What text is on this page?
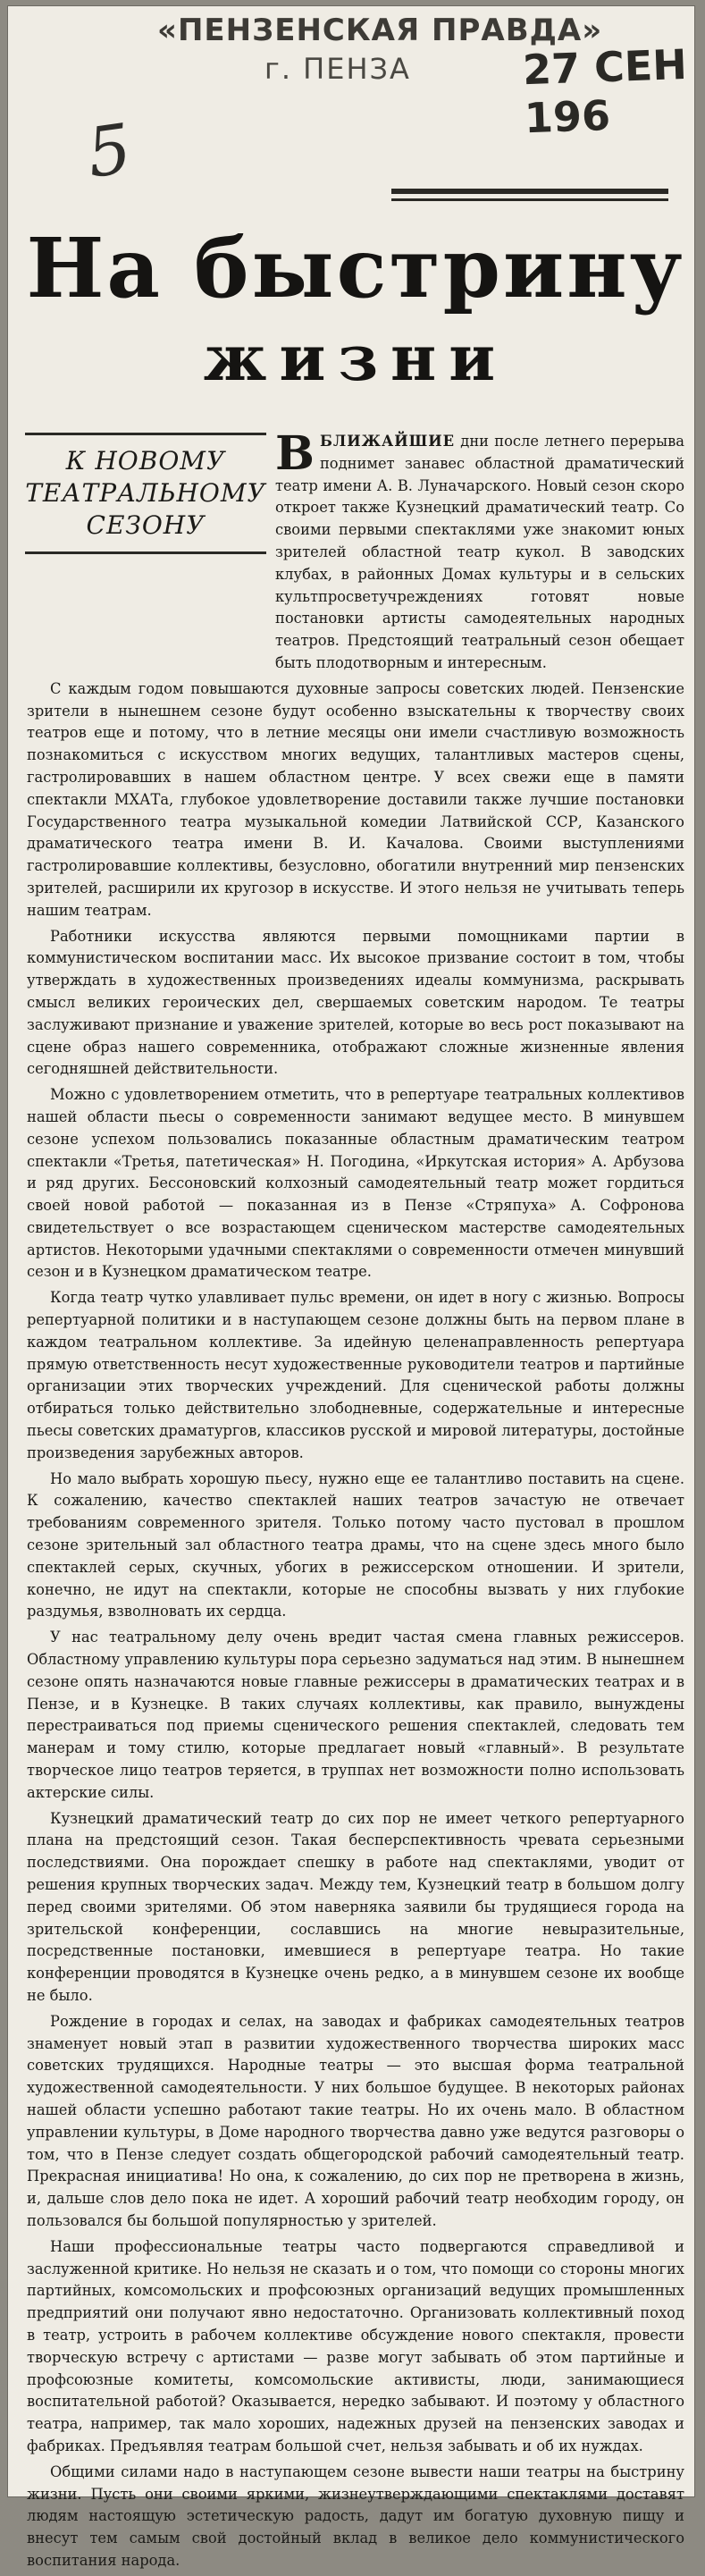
«ПЕНЗЕНСКАЯ ПРАВДА»
г. ПЕНЗА	27 СЕН 196
5
На быстрину
жизни
К НОВОМУ ТЕАТРАЛЬНОМУ СЕЗОНУ

ВБЛИЖАЙШИЕ дни после летнего перерыва поднимет занавес областной драматический театр имени А. В. Луначарского. Новый сезон скоро откроет также Кузнецкий драматический театр. Со своими первыми спектаклями уже знакомит юных зрителей областной театр кукол. В заводских клубах, в районных Домах культуры и в сельских культпросветучреждениях готовят новые постановки артисты самодеятельных народных театров. Предстоящий театральный сезон обещает быть плодотворным и интересным.

С каждым годом повышаются духовные запросы советских людей. Пензенские зрители в нынешнем сезоне будут особенно взыскательны к творчеству своих театров еще и потому, что в летние месяцы они имели счастливую возможность познакомиться с искусством многих ведущих, талантливых мастеров сцены, гастролировавших в нашем областном центре. У всех свежи еще в памяти спектакли МХАТа, глубокое удовлетворение доставили также лучшие постановки Государственного театра музыкальной комедии Латвийской ССР, Казанского драматического театра имени В. И. Качалова. Своими выступлениями гастролировавшие коллективы, безусловно, обогатили внутренний мир пензенских зрителей, расширили их кругозор в искусстве. И этого нельзя не учитывать теперь нашим театрам.

Работники искусства являются первыми помощниками партии в коммунистическом воспитании масс. Их высокое призвание состоит в том, чтобы утверждать в художественных произведениях идеалы коммунизма, раскрывать смысл великих героических дел, свершаемых советским народом. Те театры заслуживают признание и уважение зрителей, которые во весь рост показывают на сцене образ нашего современника, отображают сложные жизненные явления сегодняшней действительности.

Можно с удовлетворением отметить, что в репертуаре театральных коллективов нашей области пьесы о современности занимают ведущее место. В минувшем сезоне успехом пользовались показанные областным драматическим театром спектакли «Третья, патетическая» Н. Погодина, «Иркутская история» А. Арбузова и ряд других. Бессоновский колхозный самодеятельный театр может гордиться своей новой работой — показанная из в Пензе «Стряпуха» А. Софронова свидетельствует о все возрастающем сценическом мастерстве самодеятельных артистов. Некоторыми удачными спектаклями о современности отмечен минувший сезон и в Кузнецком драматическом театре.

Когда театр чутко улавливает пульс времени, он идет в ногу с жизнью. Вопросы репертуарной политики и в наступающем сезоне должны быть на первом плане в каждом театральном коллективе. За идейную целенаправленность репертуара прямую ответственность несут художественные руководители театров и партийные организации этих творческих учреждений. Для сценической работы должны отбираться только действительно злободневные, содержательные и интересные пьесы советских драматургов, классиков русской и мировой литературы, достойные произведения зарубежных авторов.

Но мало выбрать хорошую пьесу, нужно еще ее талантливо поставить на сцене. К сожалению, качество спектаклей наших театров зачастую не отвечает требованиям современного зрителя. Только потому часто пустовал в прошлом сезоне зрительный зал областного театра драмы, что на сцене здесь много было спектаклей серых, скучных, убогих в режиссерском отношении. И зрители, конечно, не идут на спектакли, которые не способны вызвать у них глубокие раздумья, взволновать их сердца.

У нас театральному делу очень вредит частая смена главных режиссеров. Областному управлению культуры пора серьезно задуматься над этим. В нынешнем сезоне опять назначаются новые главные режиссеры в драматических театрах и в Пензе, и в Кузнецке. В таких случаях коллективы, как правило, вынуждены перестраиваться под приемы сценического решения спектаклей, следовать тем манерам и тому стилю, которые предлагает новый «главный». В результате творческое лицо театров теряется, в труппах нет возможности полно использовать актерские силы.

Кузнецкий драматический театр до сих пор не имеет четкого репертуарного плана на предстоящий сезон. Такая бесперспективность чревата серьезными последствиями. Она порождает спешку в работе над спектаклями, уводит от решения крупных творческих задач. Между тем, Кузнецкий театр в большом долгу перед своими зрителями. Об этом наверняка заявили бы трудящиеся города на зрительской конференции, сославшись на многие невыразительные, посредственные постановки, имевшиеся в репертуаре театра. Но такие конференции проводятся в Кузнецке очень редко, а в минувшем сезоне их вообще не было.

Рождение в городах и селах, на заводах и фабриках самодеятельных театров знаменует новый этап в развитии художественного творчества широких масс советских трудящихся. Народные театры — это высшая форма театральной художественной самодеятельности. У них большое будущее. В некоторых районах нашей области успешно работают такие театры. Но их очень мало. В областном управлении культуры, в Доме народного творчества давно уже ведутся разговоры о том, что в Пензе следует создать общегородской рабочий самодеятельный театр. Прекрасная инициатива! Но она, к сожалению, до сих пор не претворена в жизнь, и, дальше слов дело пока не идет. А хороший рабочий театр необходим городу, он пользовался бы большой популярностью у зрителей.

Наши профессиональные театры часто подвергаются справедливой и заслуженной критике. Но нельзя не сказать и о том, что помощи со стороны многих партийных, комсомольских и профсоюзных организаций ведущих промышленных предприятий они получают явно недостаточно. Организовать коллективный поход в театр, устроить в рабочем коллективе обсуждение нового спектакля, провести творческую встречу с артистами — разве могут забывать об этом партийные и профсоюзные комитеты, комсомольские активисты, люди, занимающиеся воспитательной работой? Оказывается, нередко забывают. И поэтому у областного театра, например, так мало хороших, надежных друзей на пензенских заводах и фабриках. Предъявляя театрам большой счет, нельзя забывать и об их нуждах.

Общими силами надо в наступающем сезоне вывести наши театры на быстрину жизни. Пусть они своими яркими, жизнеутверждающими спектаклями доставят людям настоящую эстетическую радость, дадут им богатую духовную пищу и внесут тем самым свой достойный вклад в великое дело коммунистического воспитания народа.
